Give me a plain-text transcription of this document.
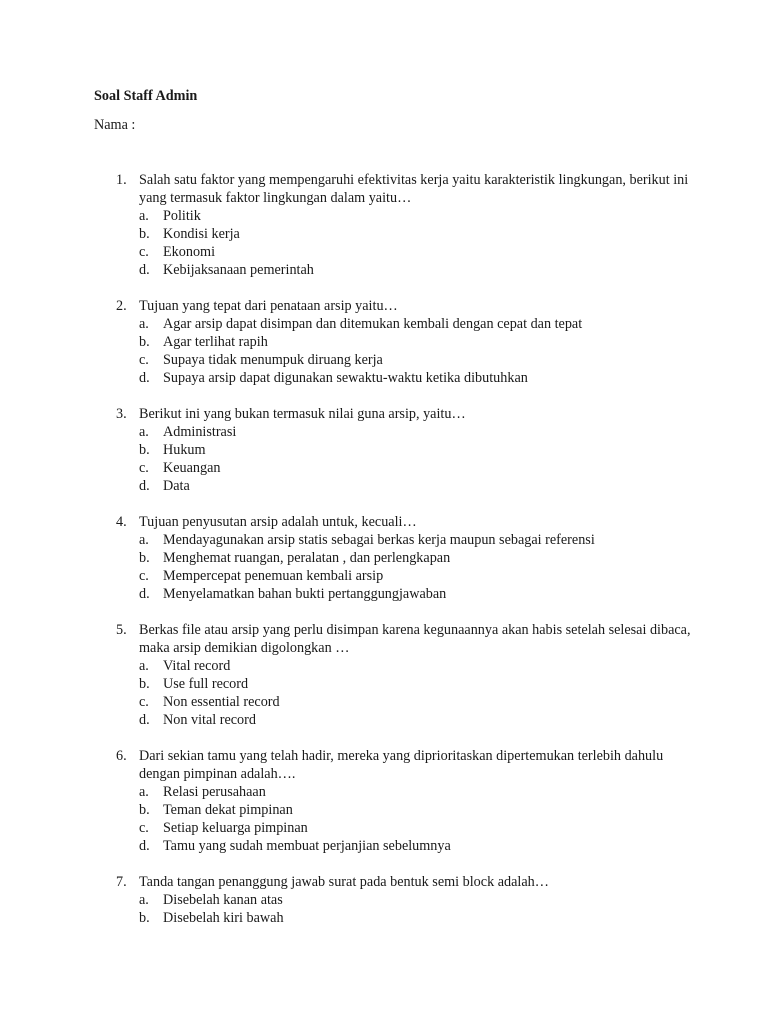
Soal Staff Admin
Nama :
1. Salah satu faktor yang mempengaruhi efektivitas kerja yaitu karakteristik lingkungan, berikut ini yang termasuk faktor lingkungan dalam yaitu…
a. Politik
b. Kondisi kerja
c. Ekonomi
d. Kebijaksanaan pemerintah
2. Tujuan yang tepat dari penataan arsip yaitu…
a. Agar arsip dapat disimpan dan ditemukan kembali dengan cepat dan tepat
b. Agar terlihat rapih
c. Supaya tidak menumpuk diruang kerja
d. Supaya arsip dapat digunakan sewaktu-waktu ketika dibutuhkan
3. Berikut ini yang bukan termasuk nilai guna arsip, yaitu…
a. Administrasi
b. Hukum
c. Keuangan
d. Data
4. Tujuan penyusutan arsip adalah untuk, kecuali…
a. Mendayagunakan arsip statis sebagai berkas kerja maupun sebagai referensi
b. Menghemat ruangan, peralatan , dan perlengkapan
c. Mempercepat penemuan kembali arsip
d. Menyelamatkan bahan bukti pertanggungjawaban
5. Berkas file atau arsip yang perlu disimpan karena kegunaannya akan habis setelah selesai dibaca, maka arsip demikian digolongkan …
a. Vital record
b. Use full record
c. Non essential record
d. Non vital record
6. Dari sekian tamu yang telah hadir, mereka yang diprioritaskan dipertemukan terlebih dahulu dengan pimpinan adalah….
a. Relasi perusahaan
b. Teman dekat pimpinan
c. Setiap keluarga pimpinan
d. Tamu yang sudah membuat perjanjian sebelumnya
7. Tanda tangan penanggung jawab surat pada bentuk semi block adalah…
a. Disebelah kanan atas
b. Disebelah kiri bawah
